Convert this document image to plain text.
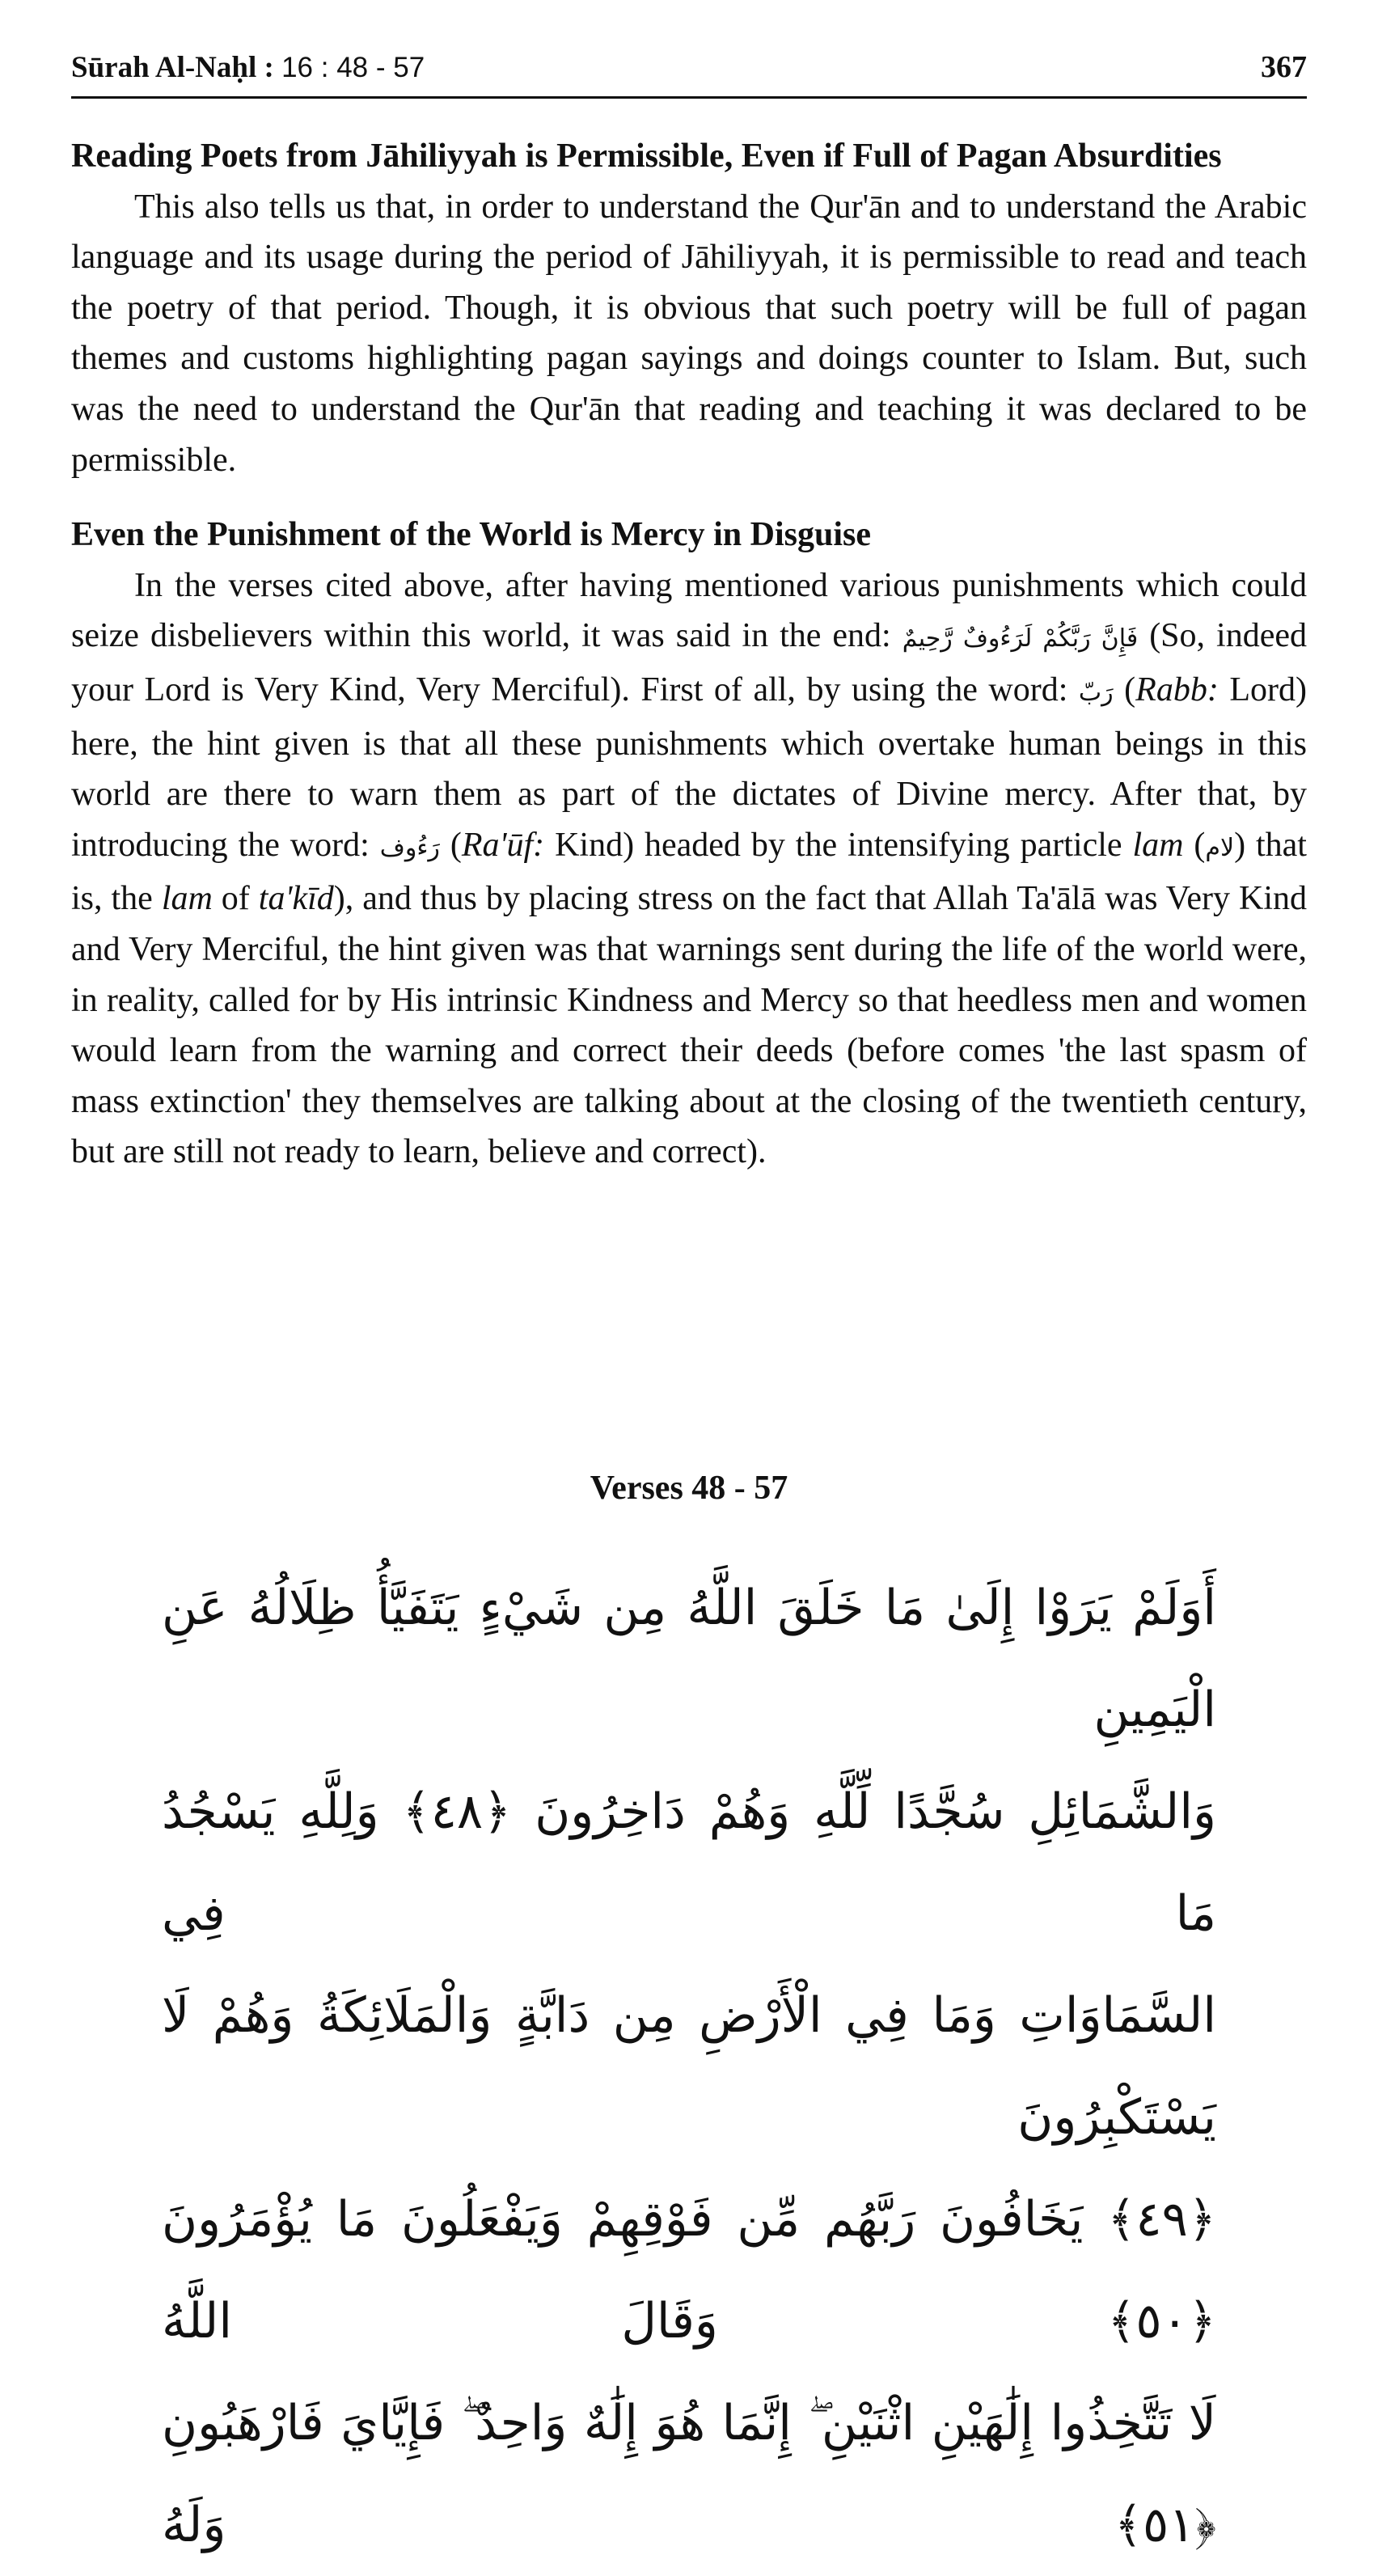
Sūrah Al-Naḥl : 16 : 48 - 57	367
Reading Poets from Jāhiliyyah is Permissible, Even if Full of Pagan Absurdities

This also tells us that, in order to understand the Qur'ān and to understand the Arabic language and its usage during the period of Jāhiliyyah, it is permissible to read and teach the poetry of that period. Though, it is obvious that such poetry will be full of pagan themes and customs highlighting pagan sayings and doings counter to Islam. But, such was the need to understand the Qur'ān that reading and teaching it was declared to be permissible.

Even the Punishment of the World is Mercy in Disguise

In the verses cited above, after having mentioned various punishments which could seize disbelievers within this world, it was said in the end: فَإِنَّ رَبَّكُمْ لَرَءُوفٌ رَّحِيمٌ (So, indeed your Lord is Very Kind, Very Merciful). First of all, by using the word: رَبّ (Rabb: Lord) here, the hint given is that all these punishments which overtake human beings in this world are there to warn them as part of the dictates of Divine mercy. After that, by introducing the word: رَءُوف (Ra'ūf: Kind) headed by the intensifying particle lam (لام) that is, the lam of ta'kīd), and thus by placing stress on the fact that Allah Ta'ālā was Very Kind and Very Merciful, the hint given was that warnings sent during the life of the world were, in reality, called for by His intrinsic Kindness and Mercy so that heedless men and women would learn from the warning and correct their deeds (before comes 'the last spasm of mass extinction' they themselves are talking about at the closing of the twentieth century, but are still not ready to learn, believe and correct).

Verses 48 - 57
أَوَلَمْ يَرَوْا إِلَىٰ مَا خَلَقَ اللَّهُ مِن شَيْءٍ يَتَفَيَّأُ ظِلَالُهُ عَنِ الْيَمِينِ
وَالشَّمَائِلِ سُجَّدًا لِّلَّهِ وَهُمْ دَاخِرُونَ ﴿٤٨﴾ وَلِلَّهِ يَسْجُدُ مَا فِي
السَّمَاوَاتِ وَمَا فِي الْأَرْضِ مِن دَابَّةٍ وَالْمَلَائِكَةُ وَهُمْ لَا يَسْتَكْبِرُونَ
﴿٤٩﴾ يَخَافُونَ رَبَّهُم مِّن فَوْقِهِمْ وَيَفْعَلُونَ مَا يُؤْمَرُونَ ﴿٥٠﴾ وَقَالَ اللَّهُ
لَا تَتَّخِذُوا إِلَٰهَيْنِ اثْنَيْنِ ۖ إِنَّمَا هُوَ إِلَٰهٌ وَاحِدٌ ۖ فَإِيَّايَ فَارْهَبُونِ ﴿٥١﴾ وَلَهُ
